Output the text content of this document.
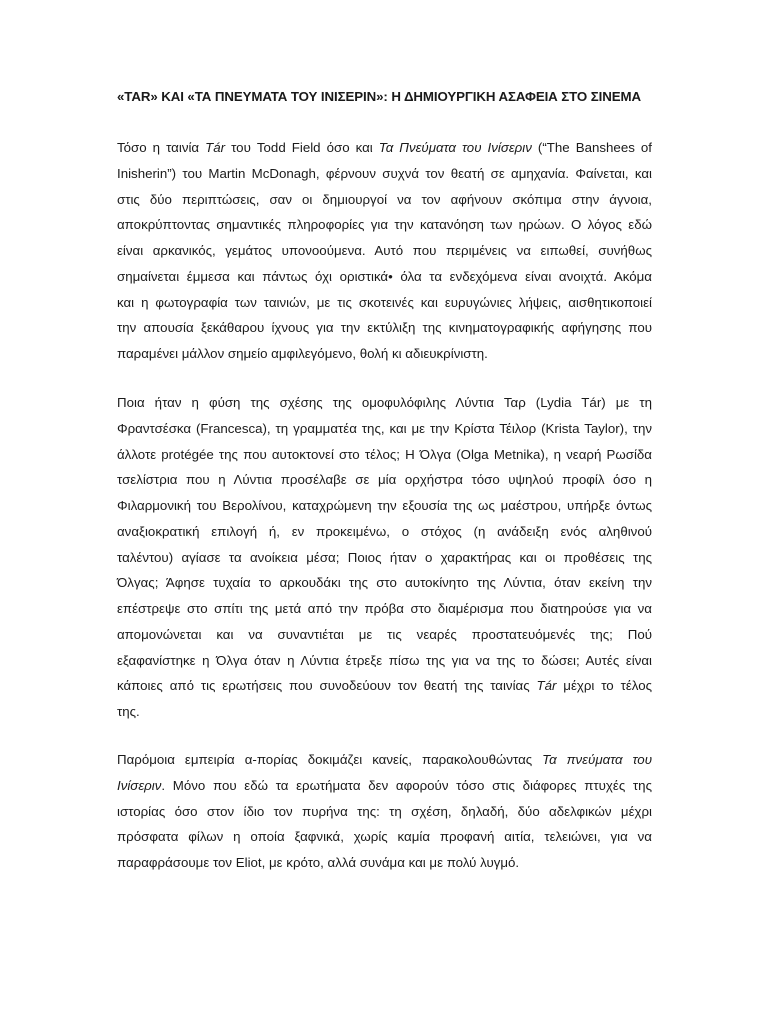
«TAR» ΚΑΙ «ΤΑ ΠΝΕΥΜΑΤΑ ΤΟΥ ΙΝΙΣΕΡΙΝ»: Η ΔΗΜΙΟΥΡΓΙΚΗ ΑΣΑΦΕΙΑ ΣΤΟ ΣΙΝΕΜΑ
Τόσο η ταινία Tár του Todd Field όσο και Τα Πνεύματα του Ινίσεριν (“The Banshees of
Inisherin”) του Martin McDonagh, φέρνουν συχνά τον θεατή σε αμηχανία. Φαίνεται, και
στις δύο περιπτώσεις, σαν οι δημιουργοί να τον αφήνουν σκόπιμα στην άγνοια,
αποκρύπτοντας σημαντικές πληροφορίες για την κατανόηση των ηρώων. Ο λόγος εδώ
είναι αρκανικός, γεμάτος υπονοούμενα. Αυτό που περιμένεις να ειπωθεί, συνήθως
σημαίνεται έμμεσα και πάντως όχι οριστικά• όλα τα ενδεχόμενα είναι ανοιχτά. Ακόμα
και η φωτογραφία των ταινιών, με τις σκοτεινές και ευρυγώνιες λήψεις, αισθητικοποιεί
την απουσία ξεκάθαρου ίχνους για την εκτύλιξη της κινηματογραφικής αφήγησης που
παραμένει μάλλον σημείο αμφιλεγόμενο, θολή κι αδιευκρίνιστη.
Ποια ήταν η φύση της σχέσης της ομοφυλόφιλης Λύντια Ταρ (Lydia Tár) με τη
Φραντσέσκα (Francesca), τη γραμματέα της, και με την Κρίστα Τέιλορ (Krista Taylor), την
άλλοτε protégée της που αυτοκτονεί στο τέλος; Η Όλγα (Olga Metnika), η νεαρή Ρωσίδα
τσελίστρια που η Λύντια προσέλαβε σε μία ορχήστρα τόσο υψηλού προφίλ όσο η
Φιλαρμονική του Βερολίνου, καταχρώμενη την εξουσία της ως μαέστρου, υπήρξε όντως
αναξιοκρατική επιλογή ή, εν προκειμένω, ο στόχος (η ανάδειξη ενός αληθινού
ταλέντου) αγίασε τα ανοίκεια μέσα; Ποιος ήταν ο χαρακτήρας και οι προθέσεις της
Όλγας; Άφησε τυχαία το αρκουδάκι της στο αυτοκίνητο της Λύντια, όταν εκείνη την
επέστρεψε στο σπίτι της μετά από την πρόβα στο διαμέρισμα που διατηρούσε για να
απομονώνεται και να συναντιέται με τις νεαρές προστατευόμενές της; Πού
εξαφανίστηκε η Όλγα όταν η Λύντια έτρεξε πίσω της για να της το δώσει; Αυτές είναι
κάποιες από τις ερωτήσεις που συνοδεύουν τον θεατή της ταινίας Tár μέχρι το τέλος
της.
Παρόμοια εμπειρία α-πορίας δοκιμάζει κανείς, παρακολουθώντας Τα πνεύματα του
Ινίσεριν. Μόνο που εδώ τα ερωτήματα δεν αφορούν τόσο στις διάφορες πτυχές της
ιστορίας όσο στον ίδιο τον πυρήνα της: τη σχέση, δηλαδή, δύο αδελφικών μέχρι
πρόσφατα φίλων η οποία ξαφνικά, χωρίς καμία προφανή αιτία, τελειώνει, για να
παραφράσουμε τον Eliot, με κρότο, αλλά συνάμα και με πολύ λυγμό.
